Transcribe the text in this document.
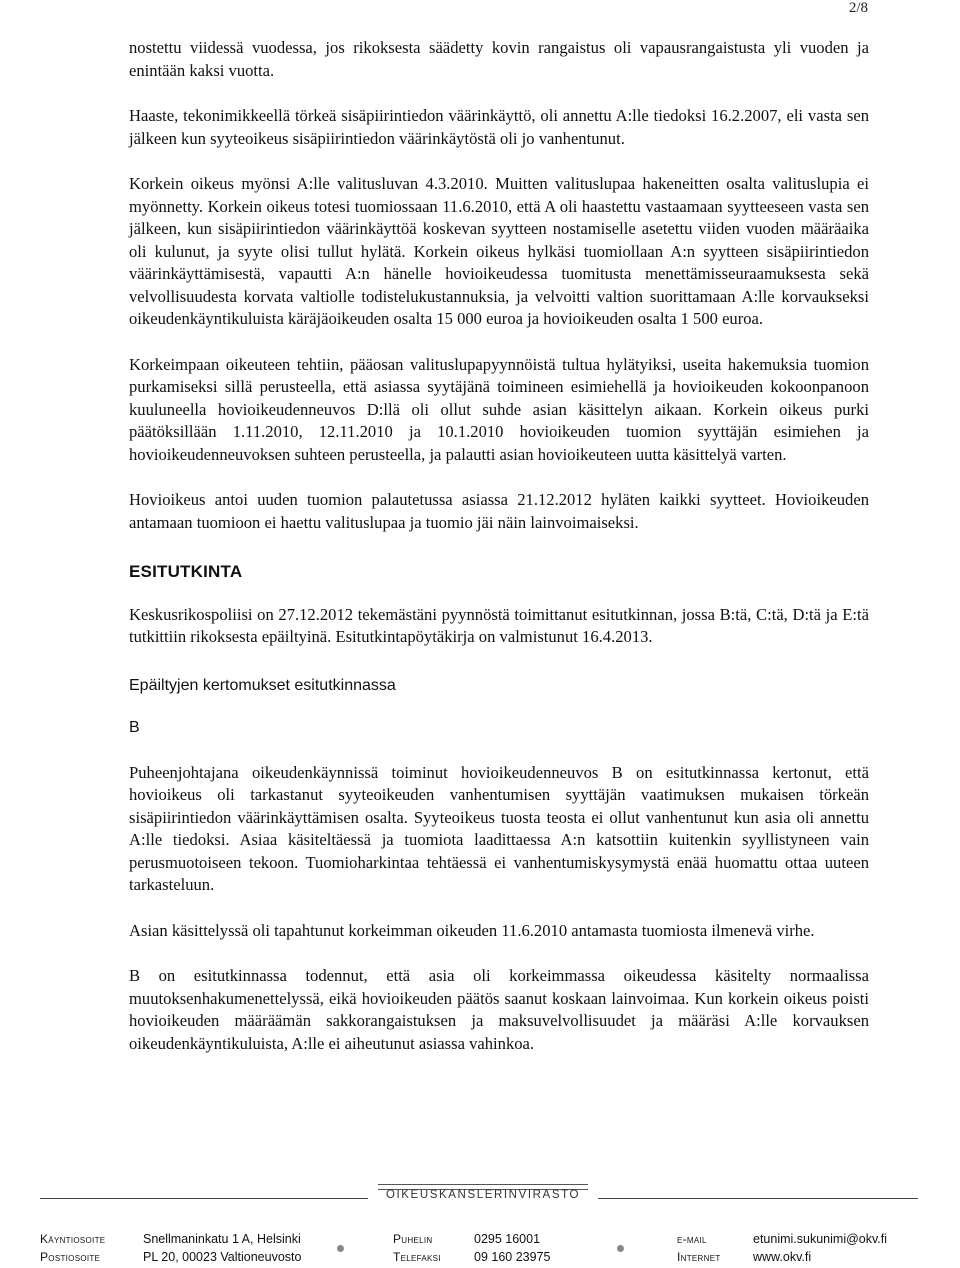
2/8

nostettu viidessä vuodessa, jos rikoksesta säädetty kovin rangaistus oli vapausrangaistusta yli vuoden ja enintään kaksi vuotta.

Haaste, tekonimikkeellä törkeä sisäpiirintiedon väärinkäyttö, oli annettu A:lle tiedoksi 16.2.2007, eli vasta sen jälkeen kun syyteoikeus sisäpiirintiedon väärinkäytöstä oli jo vanhentunut.

Korkein oikeus myönsi A:lle valitusluvan 4.3.2010. Muitten valituslupaa hakeneitten osalta valituslupia ei myönnetty. Korkein oikeus totesi tuomiossaan 11.6.2010, että A oli haastettu vastaamaan syytteeseen vasta sen jälkeen, kun sisäpiirintiedon väärinkäyttöä koskevan syytteen nostamiselle asetettu viiden vuoden määräaika oli kulunut, ja syyte olisi tullut hylätä. Korkein oikeus hylkäsi tuomiollaan A:n syytteen sisäpiirintiedon väärinkäyttämisestä, vapautti A:n hänelle hovioikeudessa tuomitusta menettämisseuraamuksesta sekä velvollisuudesta korvata valtiolle todistelukustannuksia, ja velvoitti valtion suorittamaan A:lle korvaukseksi oikeudenkäyntikuluista käräjäoikeuden osalta 15 000 euroa ja hovioikeuden osalta 1 500 euroa.

Korkeimpaan oikeuteen tehtiin, pääosan valituslupapyynnöistä tultua hylätyiksi, useita hakemuksia tuomion purkamiseksi sillä perusteella, että asiassa syytäjänä toimineen esimiehellä ja hovioikeuden kokoonpanoon kuuluneella hovioikeudenneuvos D:llä oli ollut suhde asian käsittelyn aikaan. Korkein oikeus purki päätöksillään 1.11.2010, 12.11.2010 ja 10.1.2010 hovioikeuden tuomion syyttäjän esimiehen ja hovioikeudenneuvoksen suhteen perusteella, ja palautti asian hovioikeuteen uutta käsittelyä varten.

Hovioikeus antoi uuden tuomion palautetussa asiassa 21.12.2012 hyläten kaikki syytteet. Hovioikeuden antamaan tuomioon ei haettu valituslupaa ja tuomio jäi näin lainvoimaiseksi.

ESITUTKINTA

Keskusrikospoliisi on 27.12.2012 tekemästäni pyynnöstä toimittanut esitutkinnan, jossa B:tä, C:tä, D:tä ja E:tä tutkittiin rikoksesta epäiltyinä. Esitutkintapöytäkirja on valmistunut 16.4.2013.

Epäiltyjen kertomukset esitutkinnassa

B

Puheenjohtajana oikeudenkäynnissä toiminut hovioikeudenneuvos B on esitutkinnassa kertonut, että hovioikeus oli tarkastanut syyteoikeuden vanhentumisen syyttäjän vaatimuksen mukaisen törkeän sisäpiirintiedon väärinkäyttämisen osalta. Syyteoikeus tuosta teosta ei ollut vanhentunut kun asia oli annettu A:lle tiedoksi. Asiaa käsiteltäessä ja tuomiota laadittaessa A:n katsottiin kuitenkin syyllistyneen vain perusmuotoiseen tekoon. Tuomioharkintaa tehtäessä ei vanhentumiskysymystä enää huomattu ottaa uuteen tarkasteluun.

Asian käsittelyssä oli tapahtunut korkeimman oikeuden 11.6.2010 antamasta tuomiosta ilmenevä virhe.

B on esitutkinnassa todennut, että asia oli korkeimmassa oikeudessa käsitelty normaalissa muutoksenhakumenettelyssä, eikä hovioikeuden päätös saanut koskaan lainvoimaa. Kun korkein oikeus poisti hovioikeuden määräämän sakkorangaistuksen ja maksuvelvollisuudet ja määräsi A:lle korvauksen oikeudenkäyntikuluista, A:lle ei aiheutunut asiassa vahinkoa.

OIKEUSKANSLERINVIRASTO
Käyntiosoite	Snellmaninkatu 1 A, Helsinki	Puhelin	0295 16001	e-mail	etunimi.sukunimi@okv.fi
Postiosoite	PL 20, 00023 Valtioneuvosto	Telefaksi	09 160 23975	Internet	www.okv.fi
